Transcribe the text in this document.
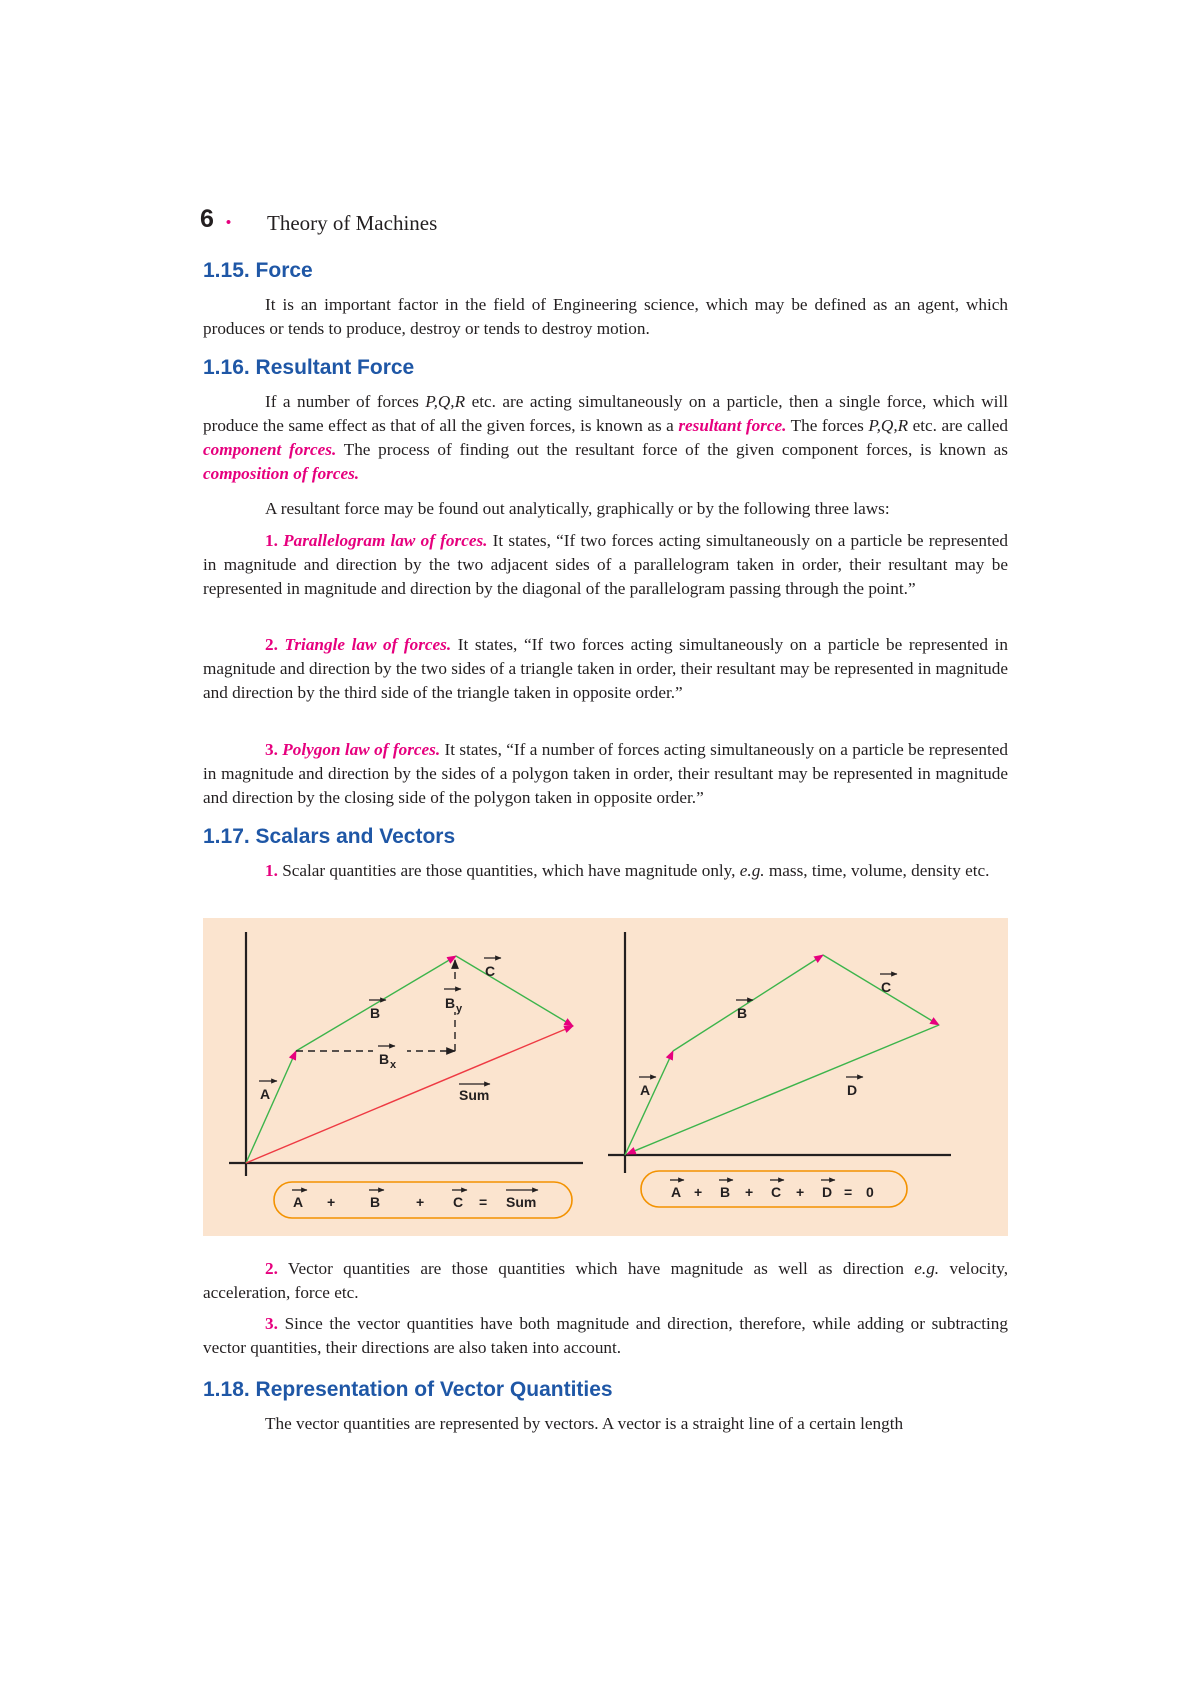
6 • Theory of Machines
1.15. Force
It is an important factor in the field of Engineering science, which may be defined as an agent, which produces or tends to produce, destroy or tends to destroy motion.
1.16. Resultant Force
If a number of forces P,Q,R etc. are acting simultaneously on a particle, then a single force, which will produce the same effect as that of all the given forces, is known as a resultant force. The forces P,Q,R etc. are called component forces. The process of finding out the resultant force of the given component forces, is known as composition of forces.
A resultant force may be found out analytically, graphically or by the following three laws:
1. Parallelogram law of forces. It states, “If two forces acting simultaneously on a particle be represented in magnitude and direction by the two adjacent sides of a parallelogram taken in order, their resultant may be represented in magnitude and direction by the diagonal of the parallelogram passing through the point.”
2. Triangle law of forces. It states, “If two forces acting simultaneously on a particle be represented in magnitude and direction by the two sides of a triangle taken in order, their resultant may be represented in magnitude and direction by the third side of the triangle taken in opposite order.”
3. Polygon law of forces. It states, “If a number of forces acting simultaneously on a particle be represented in magnitude and direction by the sides of a polygon taken in order, their resultant may be represented in magnitude and direction by the closing side of the polygon taken in opposite order.”
1.17. Scalars and Vectors
1. Scalar quantities are those quantities, which have magnitude only, e.g. mass, time, volume, density etc.
A
B
C
B y
B x
Sum
A + B	+ C = Sum
A
B
C
D
A + B + C + D = 0
2. Vector quantities are those quantities which have magnitude as well as direction e.g. velocity, acceleration, force etc.
3. Since the vector quantities have both magnitude and direction, therefore, while adding or subtracting vector quantities, their directions are also taken into account.
1.18. Representation of Vector Quantities
The vector quantities are represented by vectors. A vector is a straight line of a certain length
